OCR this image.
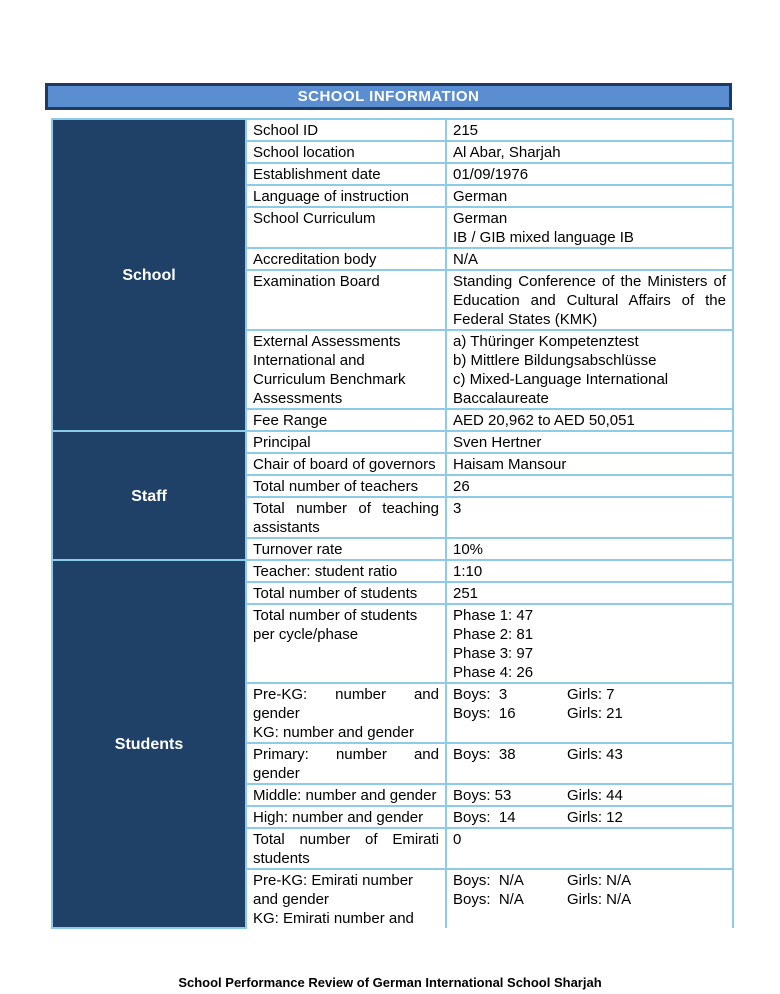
SCHOOL INFORMATION
School	School ID	215
	School location	Al Abar, Sharjah
	Establishment date	01/09/1976
	Language of instruction	German
	School Curriculum	German
IB / GIB mixed language IB

	Accreditation body	N/A
	Examination Board	Standing Conference of the Ministers of Education and Cultural Affairs of the Federal States (KMK)
	External Assessments International and Curriculum Benchmark Assessments	a) Thüringer Kompetenztest
b) Mittlere Bildungsabschlüsse
c) Mixed-Language International Baccalaureate

	Fee Range	AED 20,962 to AED 50,051
Staff	Principal	Sven Hertner
	Chair of board of governors	Haisam Mansour
	Total number of teachers	26
	Total number of teaching assistants	3
	Turnover rate	10%
Students	Teacher: student ratio	1:10
	Total number of students	251
	Total number of students per cycle/phase	Phase 1: 47
Phase 2: 81
Phase 3: 97
Phase 4: 26

	Pre-KG: number and gender
KG: number and gender	Boys:  3 Girls: 7
Boys:  16 Girls: 21

	Primary: number and gender	Boys:  38 Girls: 43

	Middle: number and gender	Boys: 53 Girls: 44

	High: number and gender	Boys:  14 Girls: 12

	Total number of Emirati students	0

	Pre-KG: Emirati number and gender
KG: Emirati number and	Boys:  N/A Girls: N/A
Boys:  N/A Girls: N/A
School Performance Review of German International School Sharjah
